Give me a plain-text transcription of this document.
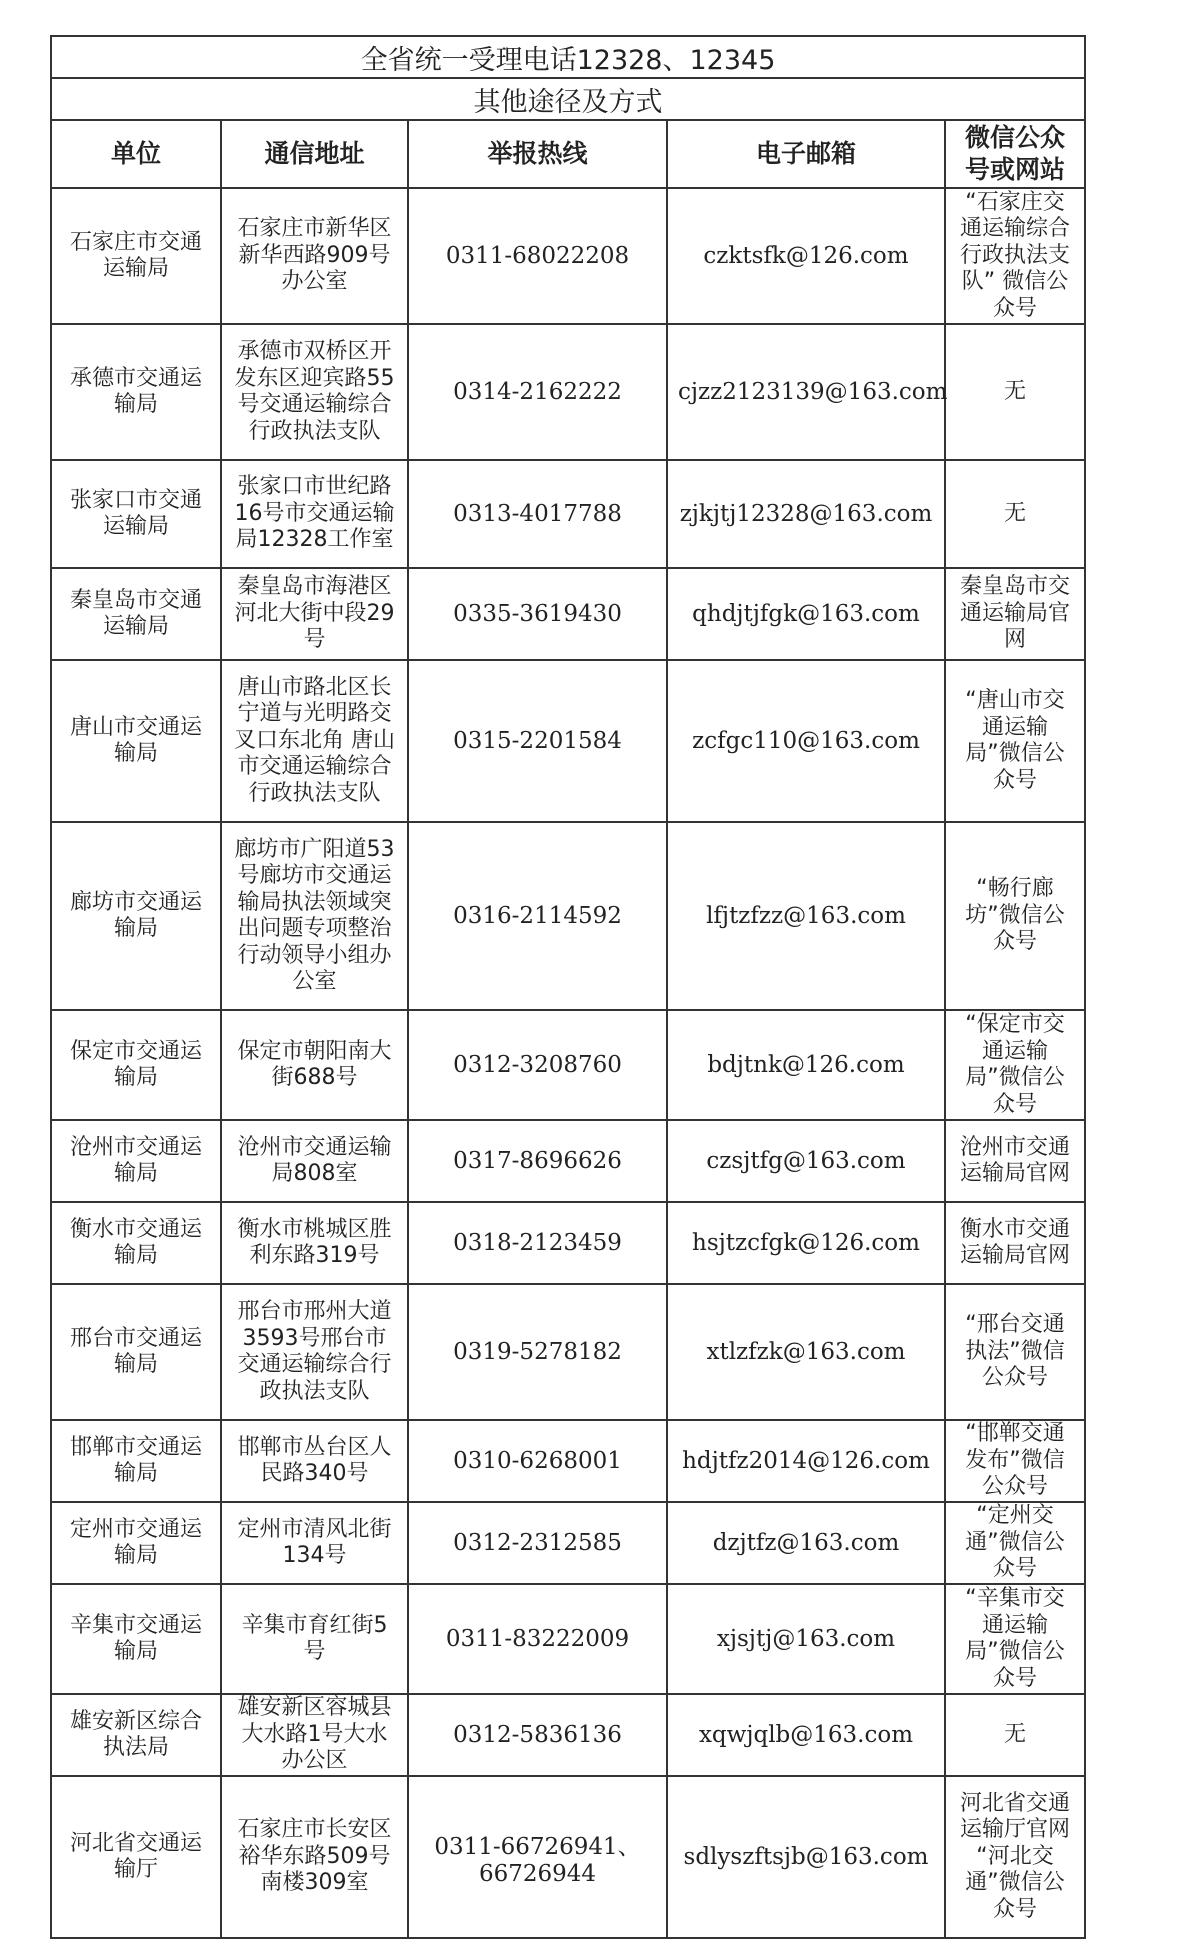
全省统一受理电话12328、12345				
其他途径及方式				
单位	通信地址	举报热线	电子邮箱	微信公众号或网站
石家庄市交通运输局	石家庄市新华区新华西路909号办公室	0311-68022208	czktsfk@126.com	“石家庄交通运输综合行政执法支队” 微信公众号
承德市交通运输局	承德市双桥区开发东区迎宾路55号交通运输综合行政执法支队	0314-2162222	cjzz2123139@163.com	无
张家口市交通运输局	张家口市世纪路16号市交通运输局12328工作室	0313-4017788	zjkjtj12328@163.com	无
秦皇岛市交通运输局	秦皇岛市海港区河北大街中段29号	0335-3619430	qhdjtjfgk@163.com	秦皇岛市交通运输局官网
唐山市交通运输局	唐山市路北区长宁道与光明路交叉口东北角 唐山市交通运输综合行政执法支队	0315-2201584	zcfgc110@163.com	“唐山市交通运输局”微信公众号
廊坊市交通运输局	廊坊市广阳道53号廊坊市交通运输局执法领域突出问题专项整治行动领导小组办公室	0316-2114592	lfjtzfzz@163.com	“畅行廊坊”微信公众号
保定市交通运输局	保定市朝阳南大街688号	0312-3208760	bdjtnk@126.com	“保定市交通运输局”微信公众号
沧州市交通运输局	沧州市交通运输局808室	0317-8696626	czsjtfg@163.com	沧州市交通运输局官网
衡水市交通运输局	衡水市桃城区胜利东路319号	0318-2123459	hsjtzcfgk@126.com	衡水市交通运输局官网
邢台市交通运输局	邢台市邢州大道3593号邢台市交通运输综合行政执法支队	0319-5278182	xtlzfzk@163.com	“邢台交通执法”微信公众号
邯郸市交通运输局	邯郸市丛台区人民路340号	0310-6268001	hdjtfz2014@126.com	“邯郸交通发布”微信公众号
定州市交通运输局	定州市清风北街134号	0312-2312585	dzjtfz@163.com	“定州交通”微信公众号
辛集市交通运输局	辛集市育红街5号	0311-83222009	xjsjtj@163.com	“辛集市交通运输局”微信公众号
雄安新区综合执法局	雄安新区容城县大水路1号大水办公区	0312-5836136	xqwjqlb@163.com	无
河北省交通运输厅	石家庄市长安区裕华东路509号南楼309室	0311-66726941、66726944	sdlyszftsjb@163.com	河北省交通运输厅官网 “河北交通”微信公众号
